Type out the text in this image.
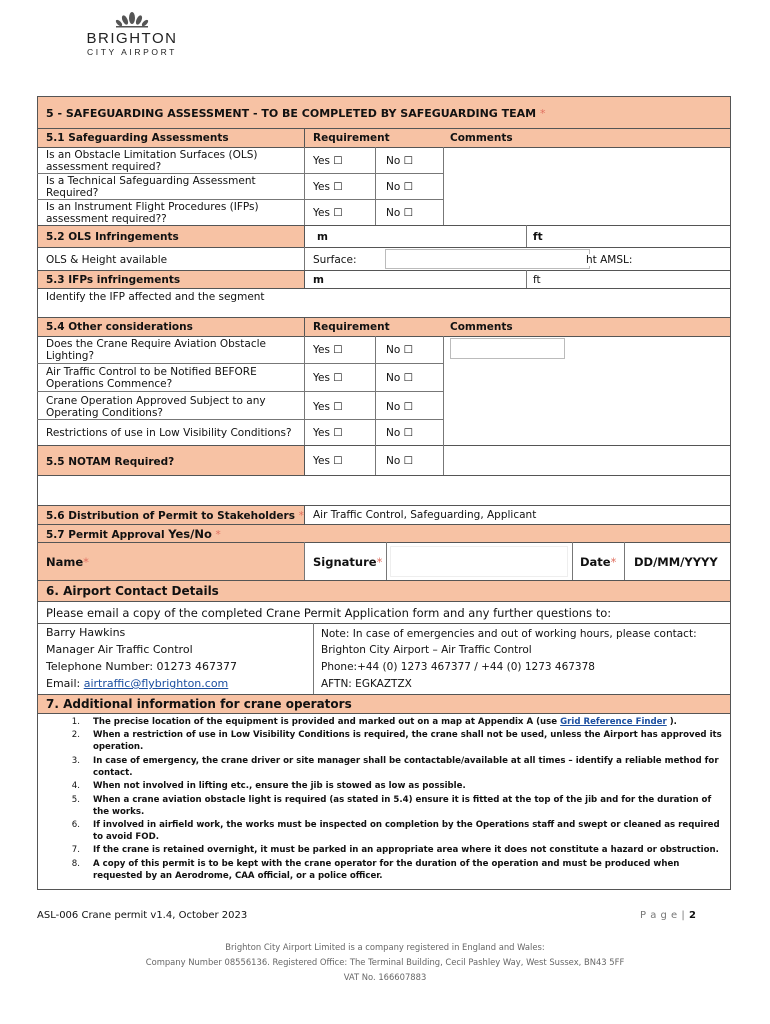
BRIGHTON
CITY AIRPORT
5 - SAFEGUARDING ASSESSMENT - TO BE COMPLETED BY SAFEGUARDING TEAM *
5.1 Safeguarding Assessments	Requirement	Comments
Is an Obstacle Limitation Surfaces (OLS) assessment required?	Yes ☐	No ☐
Is a Technical Safeguarding Assessment Required?	Yes ☐	No ☐
Is an Instrument Flight Procedures (IFPs) assessment required??	Yes ☐	No ☐
5.2 OLS Infringements	m	ft
OLS & Height available	Surface:	ht AMSL:
5.3 IFPs infringements	m	ft
Identify the IFP affected and the segment
5.4 Other considerations	Requirement	Comments
Does the Crane Require Aviation Obstacle Lighting?	Yes ☐	No ☐
Air Traffic Control to be Notified BEFORE Operations Commence?	Yes ☐	No ☐
Crane Operation Approved Subject to any Operating Conditions?	Yes ☐	No ☐
Restrictions of use in Low Visibility Conditions? Yes ☐	No ☐
5.5 NOTAM Required?	Yes ☐	No ☐
5.6 Distribution of Permit to Stakeholders * Air Traffic Control, Safeguarding, Applicant
5.7 Permit Approval Yes/No *
Name*	Signature*	Date* DD/MM/YYYY
6. Airport Contact Details
Please email a copy of the completed Crane Permit Application form and any further questions to:
Barry Hawkins
Manager Air Traffic Control
Telephone Number: 01273 467377
Email: airtraffic@flybrighton.com
Note: In case of emergencies and out of working hours, please contact:
Brighton City Airport – Air Traffic Control
Phone:+44 (0) 1273 467377 / +44 (0) 1273 467378
AFTN: EGKAZTZX
7. Additional information for crane operators
1. The precise location of the equipment is provided and marked out on a map at Appendix A (use Grid Reference Finder ).
2. When a restriction of use in Low Visibility Conditions is required, the crane shall not be used, unless the Airport has approved its operation.
3. In case of emergency, the crane driver or site manager shall be contactable/available at all times – identify a reliable method for contact.
4. When not involved in lifting etc., ensure the jib is stowed as low as possible.
5. When a crane aviation obstacle light is required (as stated in 5.4) ensure it is fitted at the top of the jib and for the duration of the works.
6. If involved in airfield work, the works must be inspected on completion by the Operations staff and swept or cleaned as required to avoid FOD.
7. If the crane is retained overnight, it must be parked in an appropriate area where it does not constitute a hazard or obstruction.
8. A copy of this permit is to be kept with the crane operator for the duration of the operation and must be produced when requested by an Aerodrome, CAA official, or a police officer.
ASL-006 Crane permit v1.4, October 2023	P a g e | 2
Brighton City Airport Limited is a company registered in England and Wales:
Company Number 08556136. Registered Office: The Terminal Building, Cecil Pashley Way, West Sussex, BN43 5FF
VAT No. 166607883
